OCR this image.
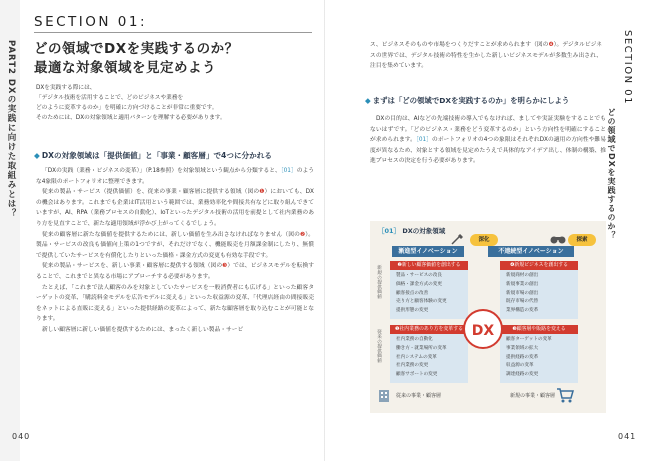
PART2 DXの実践に向けた取組みとは？
SECTION 01:
どの領域でDXを実践するのか？
最適な対象領域を見定めよう
DXを実践する際には、
「デジタル技術を活用することで、どのビジネスや業務を
どのように変革するのか」を明確に方向づけることが非常に重要です。
そのためには、DXの対象領域と適用パターンを理解する必要があります。
◆ DXの対象領域は「提供価値」と「事業・顧客層」で4つに分かれる

「DXの実践（業務・ビジネスの変革）」（P.18参照）を対象領域という観点から分類すると、［01］のような4象限のポートフォリオに整理できます。

従来の製品・サービス（提供価値）を、従来の事業・顧客層に提供する領域（図の❶）においても、DXの機会はあります。これまでも企業はIT活用という範囲では、業務効率化や間接共有などに取り組んできていますが、AI、RPA（業務プロセスの自動化）、IoTといったデジタル技術の活用を前提として社内業務のあり方を見直すことで、新たな適用領域が浮かび上がってくるでしょう。

従来の顧客層に新たな価値を提供するためには、新しい価値を生み出さなければなりません（図の❷）。製品・サービスの改良も価値向上策の1つですが、それだけでなく、機能販売を月額課金制にしたり、無償で提供していたサービスを有償化したりといった価格・課金方式の変更も有効な手段です。

従来の製品・サービスを、新しい事業・顧客層に提供する領域（図の❸）では、ビジネスモデルを転換することで、これまでと異なる市場にアプローチする必要があります。

たとえば、「これまで法人顧客のみを対象としていたサービスを一般消費者にも広げる」といった顧客ターゲットの変革、「購読料金モデルを広告モデルに変える」といった収益源の変革、「代理店経由の間接販売をネットによる直販に変える」といった提供経路の変革によって、新たな顧客層を取り込むことが可能となります。

新しい顧客層に新しい価値を提供するためには、まったく新しい製品・サービ

040

ス、ビジネスそのものや市場をつくりだすことが求められます（図の❹）。デジタルビジネスの世界では、デジタル技術の特性を生かした新しいビジネスモデルが多数生み出され、注目を集めています。

◆ まずは「どの領域でDXを実践するのか」を明らかにしよう

DXの目的は、AIなどの先端技術の導入でもなければ、ましてや実証実験をすることでもないはずです。「どのビジネス・業務をどう変革するのか」という方向性を明確にすることが求められます。［01］のポートフォリオの4つの象限はそれぞれDXの適用の方向性や難易度が異なるため、対象とする領域を見定めたうえで具体的なアイデア出し、体制の構築、推進プロセスの決定を行う必要があります。

041
SECTION 01
どの領域でDXを実践するのか？
［01］ DXの対象領域
漸進型イノベーション	不連続型イノベーション
深化	探索
新規の提供価値
従来の提供価値
❷新しい顧客価値を創出する
製品・サービスの改良
価格・課金方式の変更
顧客接点の改善
売り方と顧客体験の変更
提供形態の変更
❹新規ビジネスを創出する
新規商材の創出
新規事業の創出
新規市場の創出
既存市場の代替
業界構造の変革
❶社内業務のあり方を変革する
社内業務の自動化
働き方・就業場所の変革
社内システムの変革
社内業務の変更
顧客サポートの変更
❸顧客層や販路を変える
顧客ターゲットの変革
事業領域の拡大
提供経路の変革
収益源の変革
調達経路の変更
DX
従来の事業・顧客層	新規の事業・顧客層
